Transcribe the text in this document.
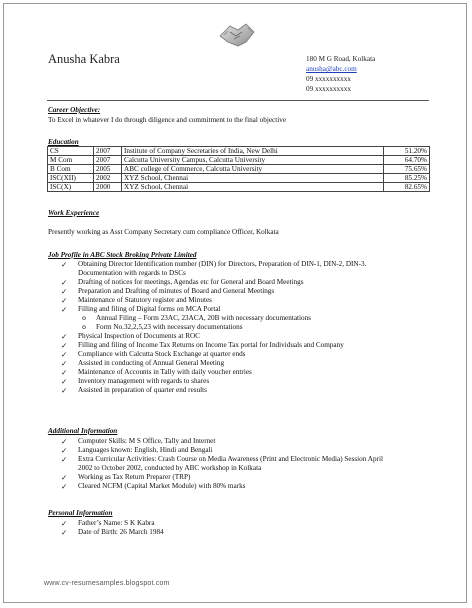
Anusha Kabra	180 M G Road, Kolkata
anusha@abc.com
09 xxxxxxxxxx
09 xxxxxxxxxx
Career Objective:
To Excel in whatever I do through diligence and commitment to the final objective
Education
CS	2007	Institute of Company Secretaries of India, New Delhi	51.20%
M Com	2007	Calcutta University Campus, Calcutta University	64.70%
B Com	2005	ABC college of Commerce, Calcutta University	75.65%
ISC(XII)	2002	XYZ School, Chennai	85.25%
ISC(X)	2000	XYZ School, Chennai	82.65%
Work Experience
Presently working as Asst Company Secretary cum compliance Officer, Kolkata
Job Profile in ABC Stock Broking Private Limited
✓ Obtaining Director Identification number (DIN) for Directors, Preparation of DIN-1, DIN-2, DIN-3.
Documentation with regards to DSCs
✓ Drafting of notices for meetings, Agendas etc for General and Board Meetings
✓ Preparation and Drafting of minutes of Board and General Meetings
✓ Maintenance of Statutory register and Minutes
✓ Filling and filing of Digital forms on MCA Portal
o Annual Filing – Form 23AC, 23ACA, 20B with necessary documentations
o Form No.32,2,5,23 with necessary documentations
✓ Physical Inspection of Documents at ROC
✓ Filling and filing of Income Tax Returns on Income Tax portal for Individuals and Company
✓ Compliance with Calcutta Stock Exchange at quarter ends
✓ Assisted in conducting of Annual General Meeting
✓ Maintenance of Accounts in Tally with daily voucher entries
✓ Inventory management with regards to shares
✓ Assisted in preparation of quarter end results
Additional Information
✓ Computer Skills: M S Office, Tally and Internet
✓ Languages known: English, Hindi and Bengali
✓ Extra Curricular Activities: Crash Course on Media Awareness (Print and Electronic Media) Session April
2002 to October 2002, conducted by ABC workshop in Kolkata
✓ Working as Tax Return Preparer (TRP)
✓ Cleared NCFM (Capital Market Module) with 80% marks
Personal Information
✓ Father’s Name: S K Kabra
✓ Date of Birth: 26 March 1984
www.cv-resumesamples.blogspot.com
